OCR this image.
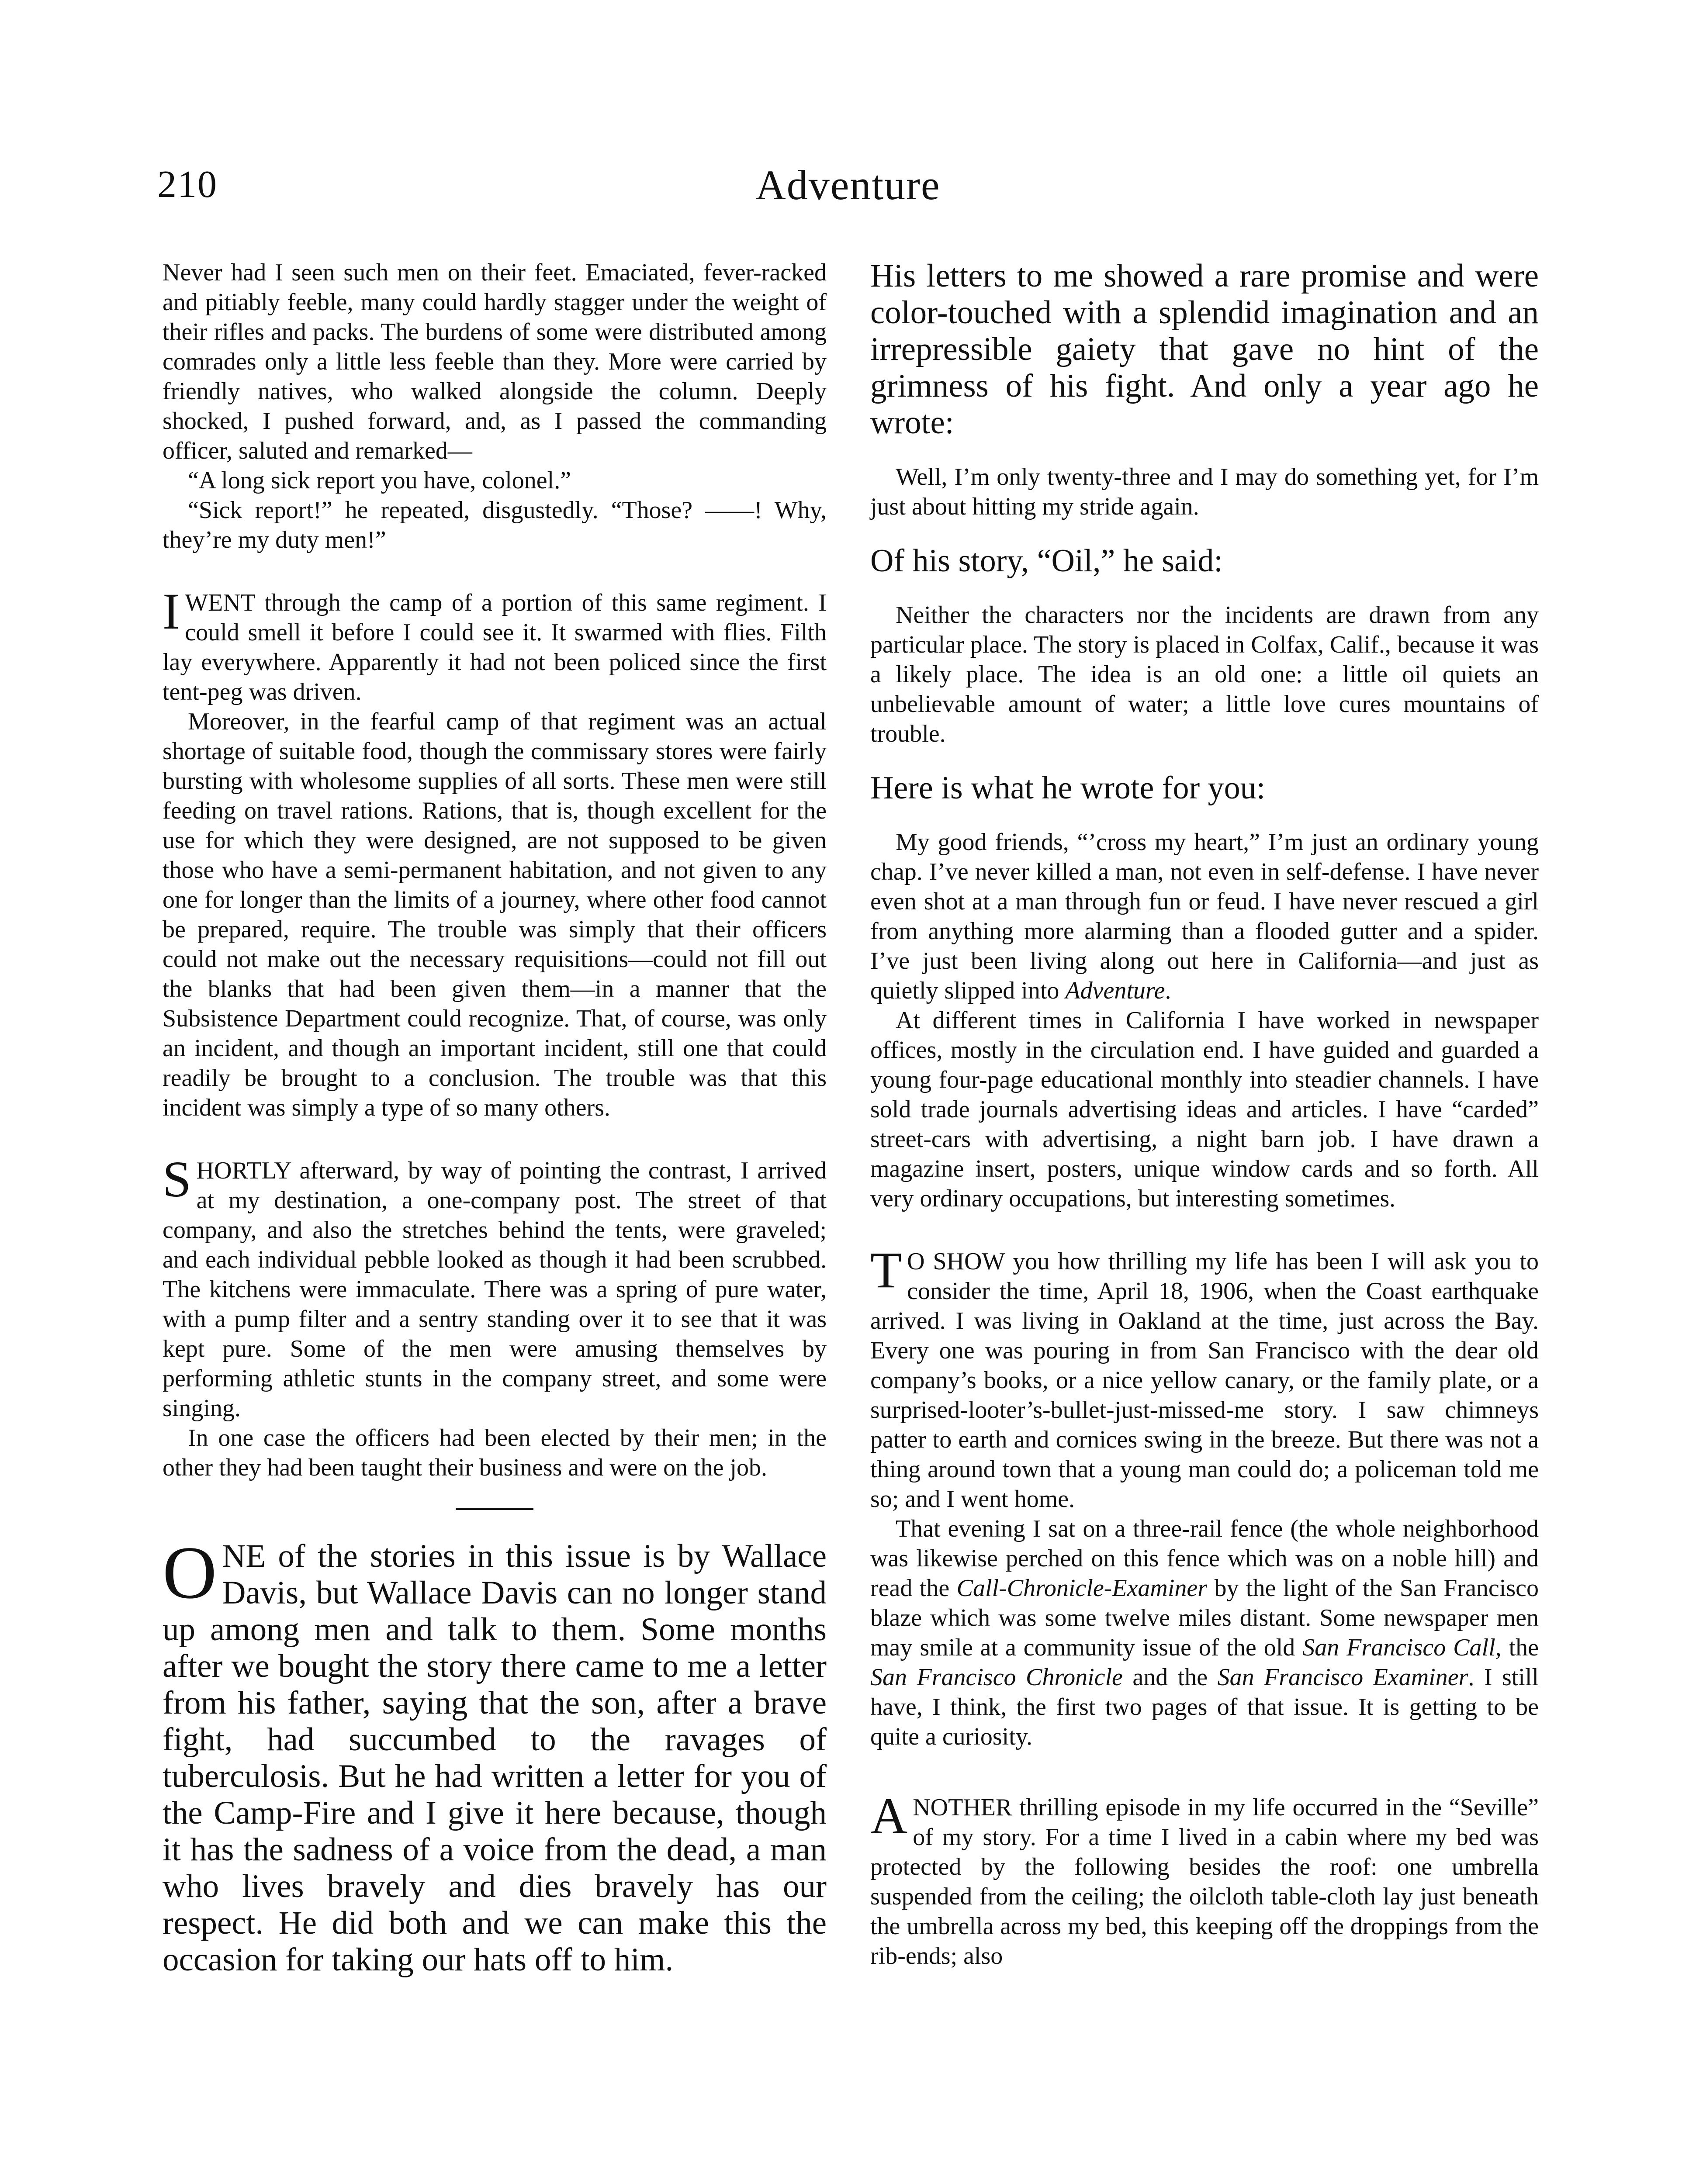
210	Adventure

Never had I seen such men on their feet. Emaciated, fever-racked and pitiably feeble, many could hardly stagger under the weight of their rifles and packs. The burdens of some were distributed among comrades only a little less feeble than they. More were carried by friendly natives, who walked alongside the column. Deeply shocked, I pushed forward, and, as I passed the commanding officer, saluted and remarked—

“A long sick report you have, colonel.”

“Sick report!” he repeated, disgustedly. “Those? ——! Why, they’re my duty men!”

I WENT through the camp of a portion of this same regiment. I could smell it before I could see it. It swarmed with flies. Filth lay everywhere. Apparently it had not been policed since the first tent-peg was driven.

Moreover, in the fearful camp of that regiment was an actual shortage of suitable food, though the commissary stores were fairly bursting with wholesome supplies of all sorts. These men were still feeding on travel rations. Rations, that is, though excellent for the use for which they were designed, are not supposed to be given those who have a semi-permanent habitation, and not given to any one for longer than the limits of a journey, where other food cannot be prepared, require. The trouble was simply that their officers could not make out the necessary requisitions—could not fill out the blanks that had been given them—in a manner that the Subsistence Department could recognize. That, of course, was only an incident, and though an important incident, still one that could readily be brought to a conclusion. The trouble was that this incident was simply a type of so many others.

SHORTLY afterward, by way of pointing the contrast, I arrived at my destination, a one-company post. The street of that company, and also the stretches behind the tents, were graveled; and each individual pebble looked as though it had been scrubbed. The kitchens were immaculate. There was a spring of pure water, with a pump filter and a sentry standing over it to see that it was kept pure. Some of the men were amusing themselves by performing athletic stunts in the company street, and some were singing.

In one case the officers had been elected by their men; in the other they had been taught their business and were on the job.

ONE of the stories in this issue is by Wallace Davis, but Wallace Davis can no longer stand up among men and talk to them. Some months after we bought the story there came to me a letter from his father, saying that the son, after a brave fight, had succumbed to the ravages of tuberculosis. But he had written a letter for you of the Camp-Fire and I give it here because, though it has the sadness of a voice from the dead, a man who lives bravely and dies bravely has our respect. He did both and we can make this the occasion for taking our hats off to him.

His letters to me showed a rare promise and were color-touched with a splendid imagination and an irrepressible gaiety that gave no hint of the grimness of his fight. And only a year ago he wrote:

Well, I’m only twenty-three and I may do something yet, for I’m just about hitting my stride again.

Of his story, “Oil,” he said:

Neither the characters nor the incidents are drawn from any particular place. The story is placed in Colfax, Calif., because it was a likely place. The idea is an old one: a little oil quiets an unbelievable amount of water; a little love cures mountains of trouble.

Here is what he wrote for you:

My good friends, “’cross my heart,” I’m just an ordinary young chap. I’ve never killed a man, not even in self-defense. I have never even shot at a man through fun or feud. I have never rescued a girl from anything more alarming than a flooded gutter and a spider. I’ve just been living along out here in California—and just as quietly slipped into Adventure.

At different times in California I have worked in newspaper offices, mostly in the circulation end. I have guided and guarded a young four-page educational monthly into steadier channels. I have sold trade journals advertising ideas and articles. I have “carded” street-cars with advertising, a night barn job. I have drawn a magazine insert, posters, unique window cards and so forth. All very ordinary occupations, but interesting sometimes.

T O SHOW you how thrilling my life has been I will ask you to consider the time, April 18, 1906, when the Coast earthquake arrived. I was living in Oakland at the time, just across the Bay. Every one was pouring in from San Francisco with the dear old company’s books, or a nice yellow canary, or the family plate, or a surprised-looter’s-bullet-just-missed-me story. I saw chimneys patter to earth and cornices swing in the breeze. But there was not a thing around town that a young man could do; a policeman told me so; and I went home.

That evening I sat on a three-rail fence (the whole neighborhood was likewise perched on this fence which was on a noble hill) and read the Call-Chronicle-Examiner by the light of the San Francisco blaze which was some twelve miles distant. Some newspaper men may smile at a community issue of the old San Francisco Call, the San Francisco Chronicle and the San Francisco Examiner. I still have, I think, the first two pages of that issue. It is getting to be quite a curiosity.

ANOTHER thrilling episode in my life occurred in the “Seville” of my story. For a time I lived in a cabin where my bed was protected by the following besides the roof: one umbrella suspended from the ceiling; the oilcloth table-cloth lay just beneath the umbrella across my bed, this keeping off the droppings from the rib-ends; also
